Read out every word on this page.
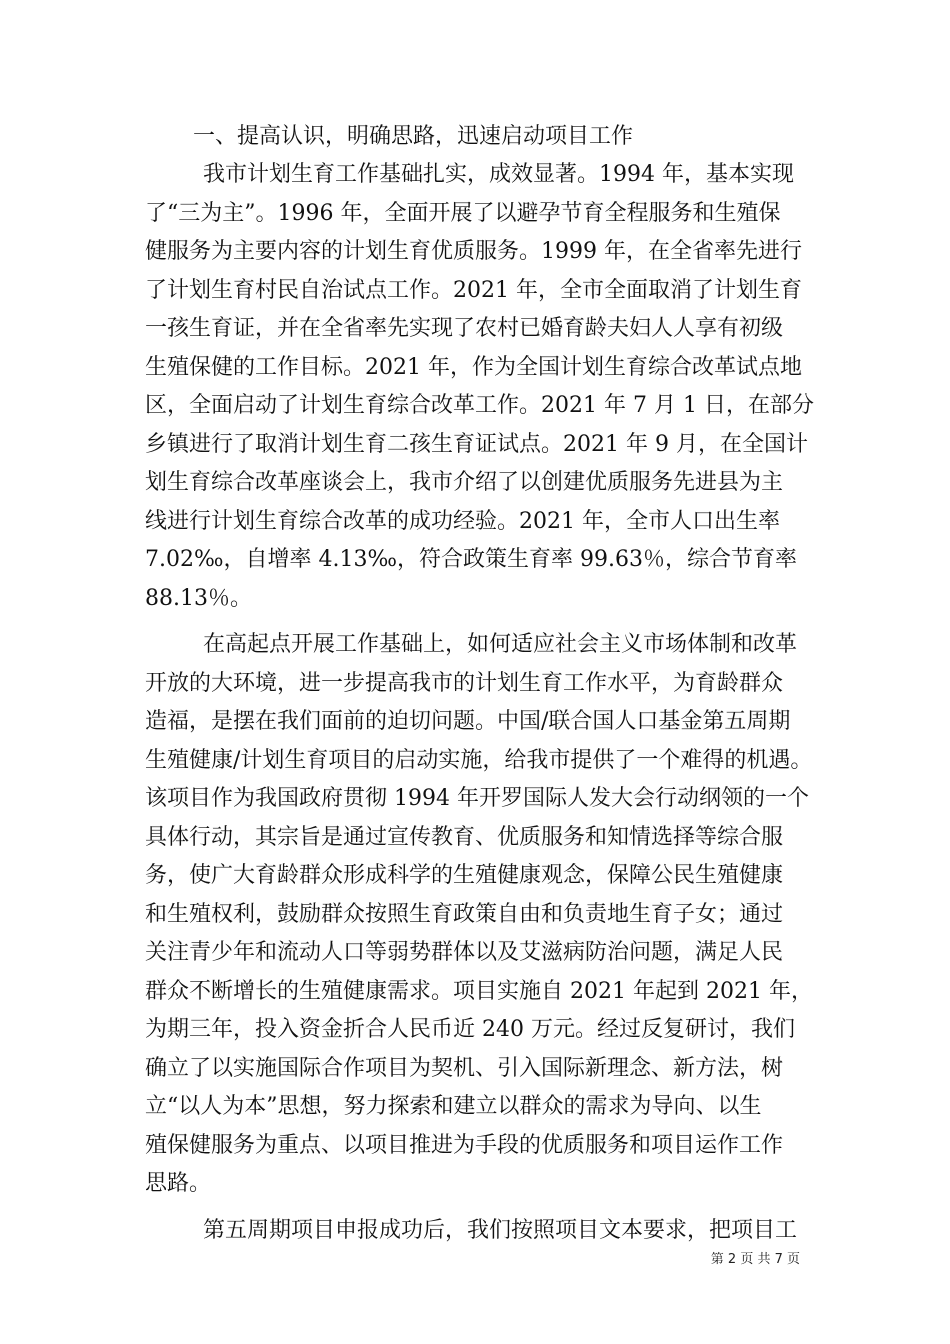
一、提高认识，明确思路，迅速启动项目工作

我市计划生育工作基础扎实，成效显著。1994 年，基本实现
了“三为主”。1996 年，全面开展了以避孕节育全程服务和生殖保
健服务为主要内容的计划生育优质服务。1999 年，在全省率先进行
了计划生育村民自治试点工作。2021 年，全市全面取消了计划生育
一孩生育证，并在全省率先实现了农村已婚育龄夫妇人人享有初级
生殖保健的工作目标。2021 年，作为全国计划生育综合改革试点地
区，全面启动了计划生育综合改革工作。2021 年 7 月 1 日，在部分
乡镇进行了取消计划生育二孩生育证试点。2021 年 9 月，在全国计
划生育综合改革座谈会上，我市介绍了以创建优质服务先进县为主
线进行计划生育综合改革的成功经验。2021 年，全市人口出生率
7.02‰，自增率 4.13‰，符合政策生育率 99.63％，综合节育率
88.13％。
在高起点开展工作基础上，如何适应社会主义市场体制和改革
开放的大环境，进一步提高我市的计划生育工作水平，为育龄群众
造福，是摆在我们面前的迫切问题。中国/联合国人口基金第五周期
生殖健康/计划生育项目的启动实施，给我市提供了一个难得的机遇。
该项目作为我国政府贯彻 1994 年开罗国际人发大会行动纲领的一个
具体行动，其宗旨是通过宣传教育、优质服务和知情选择等综合服
务，使广大育龄群众形成科学的生殖健康观念，保障公民生殖健康
和生殖权利，鼓励群众按照生育政策自由和负责地生育子女；通过
关注青少年和流动人口等弱势群体以及艾滋病防治问题，满足人民
群众不断增长的生殖健康需求。项目实施自 2021 年起到 2021 年，
为期三年，投入资金折合人民币近 240 万元。经过反复研讨，我们
确立了以实施国际合作项目为契机、引入国际新理念、新方法，树
立“以人为本”思想，努力探索和建立以群众的需求为导向、以生
殖保健服务为重点、以项目推进为手段的优质服务和项目运作工作
思路。
第五周期项目申报成功后，我们按照项目文本要求，把项目工
第 2 页 共 7 页
